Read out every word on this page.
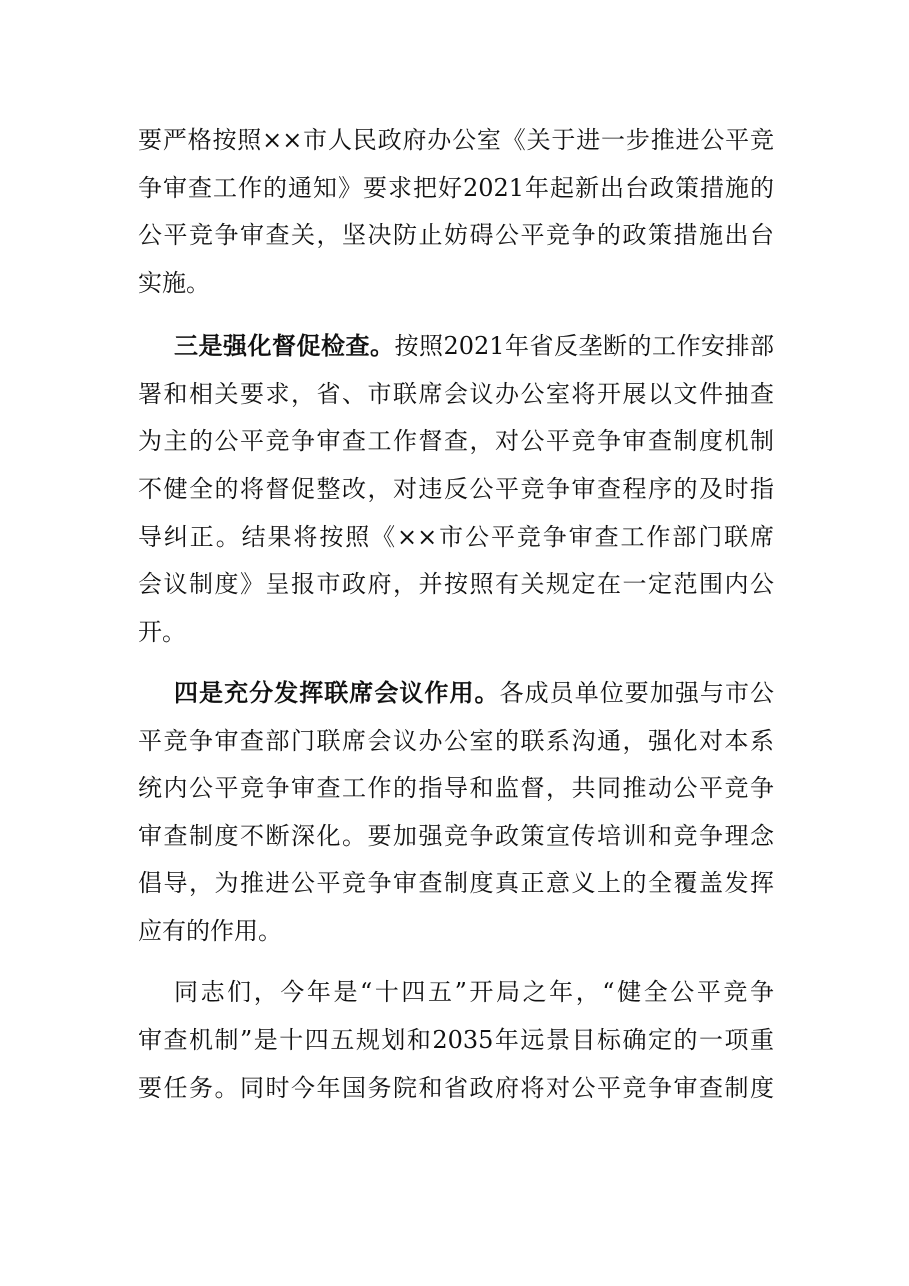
要严格按照××市人民政府办公室《关于进一步推进公平竞
争审查工作的通知》要求把好2021年起新出台政策措施的
公平竞争审查关，坚决防止妨碍公平竞争的政策措施出台
实施。
三是强化督促检查。按照2021年省反垄断的工作安排部
署和相关要求，省、市联席会议办公室将开展以文件抽查
为主的公平竞争审查工作督查，对公平竞争审查制度机制
不健全的将督促整改，对违反公平竞争审查程序的及时指
导纠正。结果将按照《××市公平竞争审查工作部门联席
会议制度》呈报市政府，并按照有关规定在一定范围内公
开。
四是充分发挥联席会议作用。各成员单位要加强与市公
平竞争审查部门联席会议办公室的联系沟通，强化对本系
统内公平竞争审查工作的指导和监督，共同推动公平竞争
审查制度不断深化。要加强竞争政策宣传培训和竞争理念
倡导，为推进公平竞争审查制度真正意义上的全覆盖发挥
应有的作用。
同志们，今年是“十四五”开局之年，“健全公平竞争
审查机制”是十四五规划和2035年远景目标确定的一项重
要任务。同时今年国务院和省政府将对公平竞争审查制度
